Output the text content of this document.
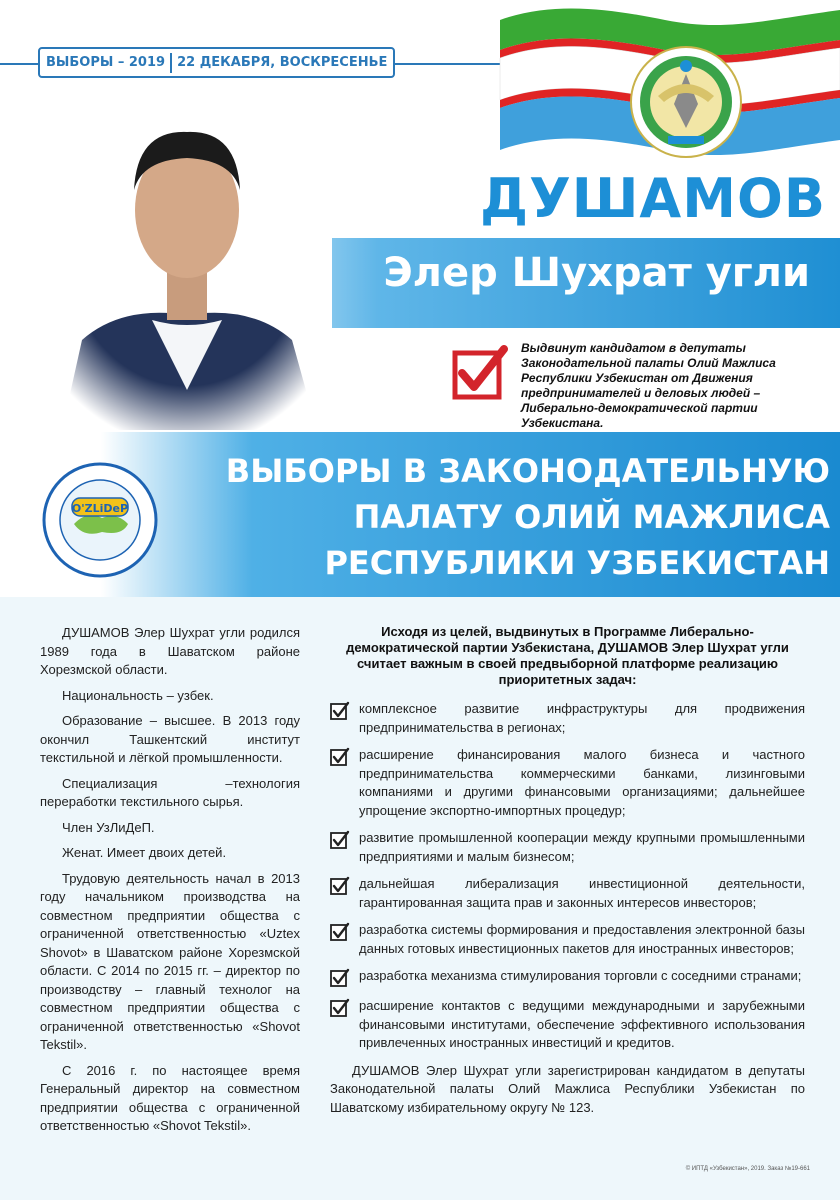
ВЫБОРЫ – 2019 22 ДЕКАБРЯ, ВОСКРЕСЕНЬЕ
ДУШАМОВ
Элер Шухрат угли
Выдвинут кандидатом в депутаты Законодательной палаты Олий Мажлиса Республики Узбекистан от Движения предпринимателей и деловых людей – Либерально-демократической партии Узбекистана.
O'ZLiDeP
ВЫБОРЫ В ЗАКОНОДАТЕЛЬНУЮ
ПАЛАТУ ОЛИЙ МАЖЛИСА
РЕСПУБЛИКИ УЗБЕКИСТАН

ДУШАМОВ Элер Шухрат угли родился 1989 года в Шаватском районе Хорезмской области.

Национальность – узбек.

Образование – высшее. В 2013 году окончил Ташкентский институт текстильной и лёгкой промышленности.

Специализация –технология переработки текстильного сырья.

Член УзЛиДеП.

Женат. Имеет двоих детей.

Трудовую деятельность начал в 2013 году начальником производства на совместном предприятии общества с ограниченной ответственностью «Uztex Shovot» в Шаватском районе Хорезмской области. С 2014 по 2015 гг. – директор по производству – главный технолог на совместном предприятии общества с ограниченной ответственностью «Shovot Tekstil».

С 2016 г. по настоящее время Генеральный директор на совместном предприятии общества с ограниченной ответственностью «Shovot Tekstil».

Исходя из целей, выдвинутых в Программе Либерально-демократической партии Узбекистана, ДУШАМОВ Элер Шухрат угли считает важным в своей предвыборной платформе реализацию приоритетных задач:
комплексное развитие инфраструктуры для продвижения предпринимательства в регионах;
расширение финансирования малого бизнеса и частного предпринимательства коммерческими банками, лизинговыми компаниями и другими финансовыми организациями; дальнейшее упрощение экспортно-импортных процедур;
развитие промышленной кооперации между крупными промышленными предприятиями и малым бизнесом;
дальнейшая либерализация инвестиционной деятельности, гарантированная защита прав и законных интересов инвесторов;
разработка системы формирования и предоставления электронной базы данных готовых инвестиционных пакетов для иностранных инвесторов;
разработка механизма стимулирования торговли с соседними странами;
расширение контактов с ведущими международными и зарубежными финансовыми институтами, обеспечение эффективного использования привлеченных иностранных инвестиций и кредитов.
ДУШАМОВ Элер Шухрат угли зарегистрирован кандидатом в депутаты Законодательной палаты Олий Мажлиса Республики Узбекистан по Шаватскому избирательному округу № 123.
© ИПТД «Узбекистан», 2019. Заказ №19-661
